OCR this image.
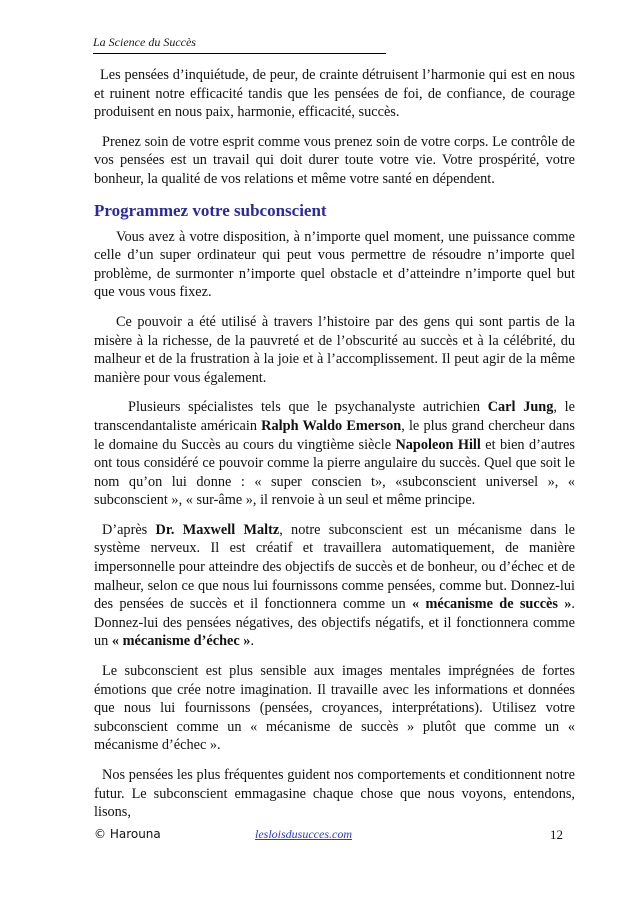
La Science du Succès

Les pensées d’inquiétude, de peur, de crainte détruisent l’harmonie qui est en nous et ruinent notre efficacité tandis que les pensées de foi, de confiance, de courage produisent en nous paix, harmonie, efficacité, succès.

Prenez soin de votre esprit comme vous prenez soin de votre corps. Le contrôle de vos pensées est un travail qui doit durer toute votre vie. Votre prospérité, votre bonheur, la qualité de vos relations et même votre santé en dépendent.

Programmez votre subconscient

Vous avez à votre disposition, à n’importe quel moment, une puissance comme celle d’un super ordinateur qui peut vous permettre de résoudre n’importe quel problème, de surmonter n’importe quel obstacle et d’atteindre n’importe quel but que vous vous fixez.

Ce pouvoir a été utilisé à travers l’histoire par des gens qui sont partis de la misère à la richesse, de la pauvreté et de l’obscurité au succès et à la célébrité, du malheur et de la frustration à la joie et à l’accomplissement. Il peut agir de la même manière pour vous également.

Plusieurs spécialistes tels que le psychanalyste autrichien Carl Jung, le transcendantaliste américain Ralph Waldo Emerson, le plus grand chercheur dans le domaine du Succès au cours du vingtième siècle Napoleon Hill et bien d’autres ont tous considéré ce pouvoir comme la pierre angulaire du succès. Quel que soit le nom qu’on lui donne : « super conscien t», «subconscient universel », « subconscient », « sur-âme », il renvoie à un seul et même principe.

D’après Dr. Maxwell Maltz, notre subconscient est un mécanisme dans le système nerveux. Il est créatif et travaillera automatiquement, de manière impersonnelle pour atteindre des objectifs de succès et de bonheur, ou d’échec et de malheur, selon ce que nous lui fournissons comme pensées, comme but. Donnez-lui des pensées de succès et il fonctionnera comme un « mécanisme de succès ». Donnez-lui des pensées négatives, des objectifs négatifs, et il fonctionnera comme un « mécanisme d’échec ».

Le subconscient est plus sensible aux images mentales imprégnées de fortes émotions que crée notre imagination. Il travaille avec les informations et données que nous lui fournissons (pensées, croyances, interprétations). Utilisez votre subconscient comme un « mécanisme de succès » plutôt que comme un « mécanisme d’échec ».

Nos pensées les plus fréquentes guident nos comportements et conditionnent notre futur. Le subconscient emmagasine chaque chose que nous voyons, entendons, lisons,

© Harouna	lesloisdusucces.com	12
